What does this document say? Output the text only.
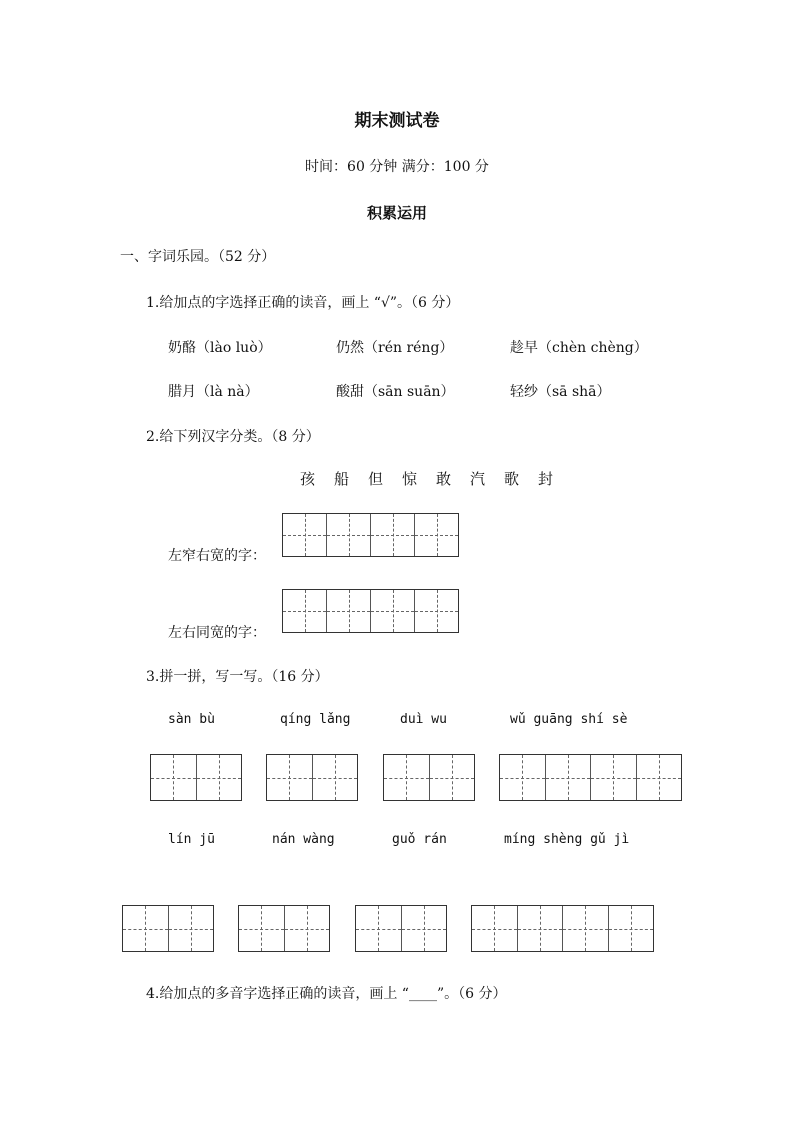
期末测试卷
时间：60 分钟 满分：100 分
积累运用
一、字词乐园。（52 分）
1.给加点的字选择正确的读音，画上 “√”。（6 分）
奶酪（lào luò）	仍然（rén réng）	趁早（chèn chèng）
腊月（là nà）	酸甜（sān suān）	轻纱（sā shā）
2.给下列汉字分类。（8 分）
孩 船 但 惊 敢 汽 歌 封
左窄右宽的字：
左右同宽的字：
3.拼一拼，写一写。（16 分）
sàn bù	qíng lǎng	duì wu	wǔ guāng shí sè
lín jū	nán wàng	guǒ rán	míng shèng gǔ jì
4.给加点的多音字选择正确的读音，画上 “____”。（6 分）
